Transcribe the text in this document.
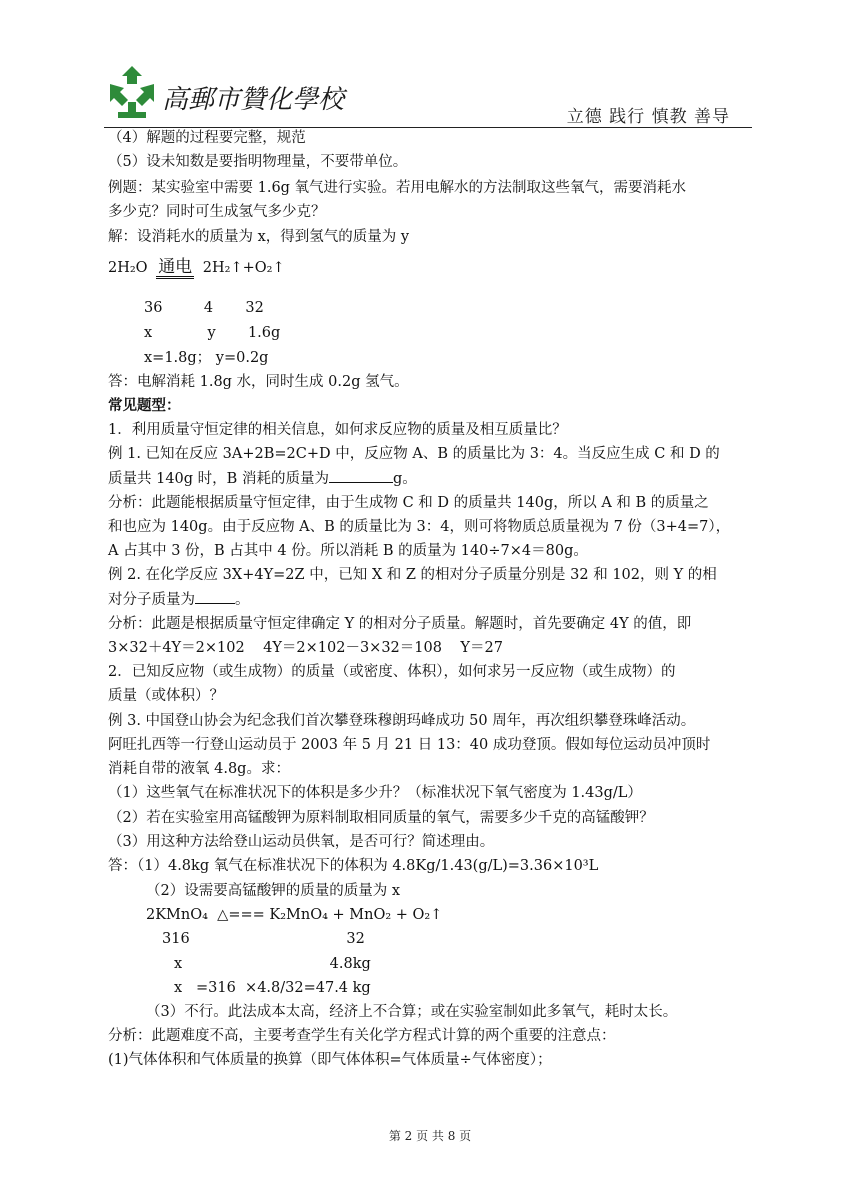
高郵市贊化學校
立德 践行 慎教 善导
（4）解题的过程要完整，规范
（5）设未知数是要指明物理量，不要带单位。
例题：某实验室中需要 1.6g 氧气进行实验。若用电解水的方法制取这些氧气，需要消耗水
多少克？同时可生成氢气多少克？
解：设消耗水的质量为 x，得到氢气的质量为 y
2H₂O 通电 2H₂↑+O₂↑
36         4       32
x            y       1.6g
x=1.8g； y=0.2g
答：电解消耗 1.8g 水，同时生成 0.2g 氢气。
常见题型：
1．利用质量守恒定律的相关信息，如何求反应物的质量及相互质量比？
例 1. 已知在反应 3A+2B=2C+D 中，反应物 A、B 的质量比为 3：4。当反应生成 C 和 D 的
质量共 140g 时，B 消耗的质量为	g。
分析：此题能根据质量守恒定律，由于生成物 C 和 D 的质量共 140g，所以 A 和 B 的质量之
和也应为 140g。由于反应物 A、B 的质量比为 3：4，则可将物质总质量视为 7 份（3+4=7），
A 占其中 3 份，B 占其中 4 份。所以消耗 B 的质量为 140÷7×4＝80g。
例 2. 在化学反应 3X+4Y=2Z 中，已知 X 和 Z 的相对分子质量分别是 32 和 102，则 Y 的相
对分子质量为	。
分析：此题是根据质量守恒定律确定 Y 的相对分子质量。解题时，首先要确定 4Y 的值，即
3×32＋4Y＝2×102    4Y＝2×102－3×32＝108    Y＝27
2．已知反应物（或生成物）的质量（或密度、体积），如何求另一反应物（或生成物）的
质量（或体积）？
例 3. 中国登山协会为纪念我们首次攀登珠穆朗玛峰成功 50 周年，再次组织攀登珠峰活动。
阿旺扎西等一行登山运动员于 2003 年 5 月 21 日 13：40 成功登顶。假如每位运动员冲顶时
消耗自带的液氧 4.8g。求：
（1）这些氧气在标准状况下的体积是多少升？（标准状况下氧气密度为 1.43g/L）
（2）若在实验室用高锰酸钾为原料制取相同质量的氧气，需要多少千克的高锰酸钾？
（3）用这种方法给登山运动员供氧，是否可行？简述理由。
答：（1）4.8kg 氧气在标准状况下的体积为 4.8Kg/1.43(g/L)=3.36×10³L
（2）设需要高锰酸钾的质量的质量为 x
2KMnO₄  △=== K₂MnO₄ + MnO₂ + O₂↑
316                                  32
x                                4.8kg
x   =316  ×4.8/32=47.4 kg
（3）不行。此法成本太高，经济上不合算；或在实验室制如此多氧气，耗时太长。
分析：此题难度不高，主要考查学生有关化学方程式计算的两个重要的注意点：
(1)气体体积和气体质量的换算（即气体体积=气体质量÷气体密度）；
第 2 页 共 8 页
